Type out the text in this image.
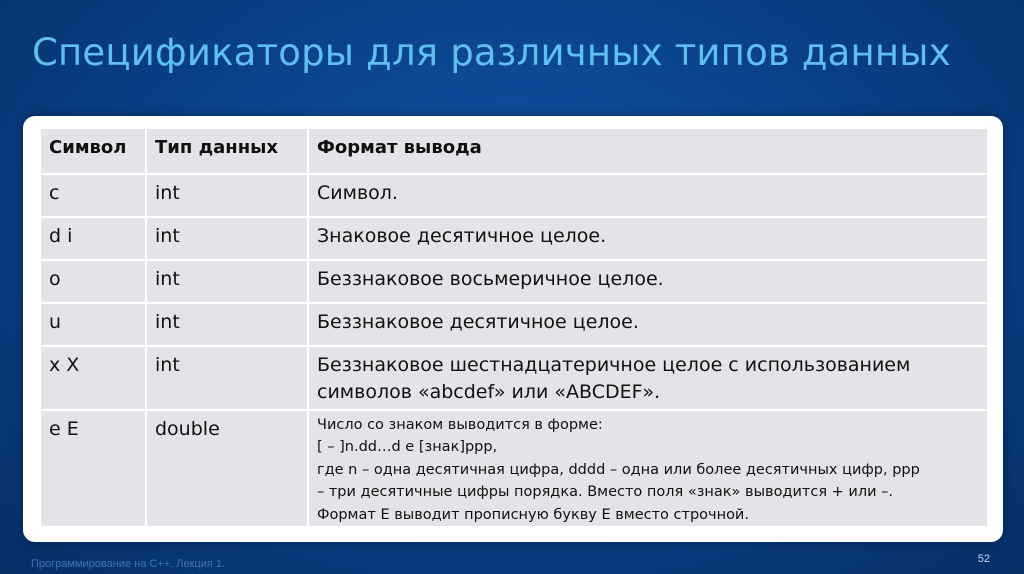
Спецификаторы для различных типов данных
Символ	Тип данных	Формат вывода
c	int	Символ.
d i	int	Знаковое десятичное целое.
o	int	Беззнаковое восьмеричное целое.
u	int	Беззнаковое десятичное целое.
x X	int	Беззнаковое шестнадцатеричное целое с использованием символов «abcdef» или «ABCDEF».
e E	double	Число со знаком выводится в форме:
[ – ]n.dd…d e [знак]ppp,
где n – одна десятичная цифра, dddd – одна или более десятичных цифр, ppp
– три десятичные цифры порядка. Вместо поля «знак» выводится + или –.
Формат E выводит прописную букву E вместо строчной.
Программирование на С++. Лекция 1.	52
